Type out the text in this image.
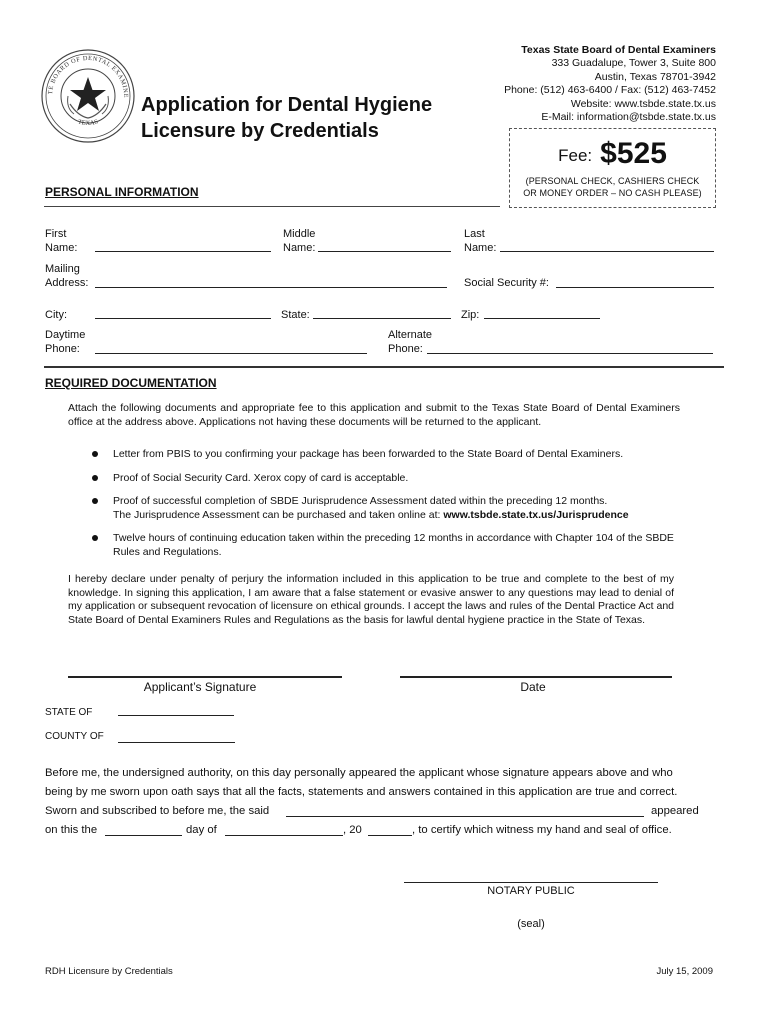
TE BOARD OF DENTAL EXAMINE
TEXAS
Application for Dental Hygiene
Licensure by Credentials
Texas State Board of Dental Examiners
333 Guadalupe, Tower 3, Suite 800
Austin, Texas 78701-3942
Phone: (512) 463-6400 / Fax: (512) 463-7452
Website: www.tsbde.state.tx.us
E-Mail: information@tsbde.state.tx.us
Fee: $525
(PERSONAL CHECK, CASHIERS CHECK
OR MONEY ORDER – NO CASH PLEASE)
PERSONAL INFORMATION
First
Name:
Middle
Name:
Last
Name:
Mailing
Address:	Social Security #:
City:	State:	Zip:
Daytime
Phone:
Alternate
Phone:
REQUIRED DOCUMENTATION
Attach the following documents and appropriate fee to this application and submit to the Texas State Board of Dental Examiners office at the address above. Applications not having these documents will be returned to the applicant.
Letter from PBIS to you confirming your package has been forwarded to the State Board of Dental Examiners.
Proof of Social Security Card. Xerox copy of card is acceptable.
Proof of successful completion of SBDE Jurisprudence Assessment dated within the preceding 12 months.
The Jurisprudence Assessment can be purchased and taken online at: www.tsbde.state.tx.us/Jurisprudence
Twelve hours of continuing education taken within the preceding 12 months in accordance with Chapter 104 of the SBDE Rules and Regulations.
I hereby declare under penalty of perjury the information included in this application to be true and complete to the best of my knowledge. In signing this application, I am aware that a false statement or evasive answer to any questions may lead to denial of my application or subsequent revocation of licensure on ethical grounds. I accept the laws and rules of the Dental Practice Act and State Board of Dental Examiners Rules and Regulations as the basis for lawful dental hygiene practice in the State of Texas.
Applicant’s Signature	Date
STATE OF
COUNTY OF
Before me, the undersigned authority, on this day personally appeared the applicant whose signature appears above and who
being by me sworn upon oath says that all the facts, statements and answers contained in this application are true and correct.
Sworn and subscribed to before me, the said	appeared
on this the	day of	, 20	, to certify which witness my hand and seal of office.
NOTARY PUBLIC
(seal)
RDH Licensure by Credentials	July 15, 2009
